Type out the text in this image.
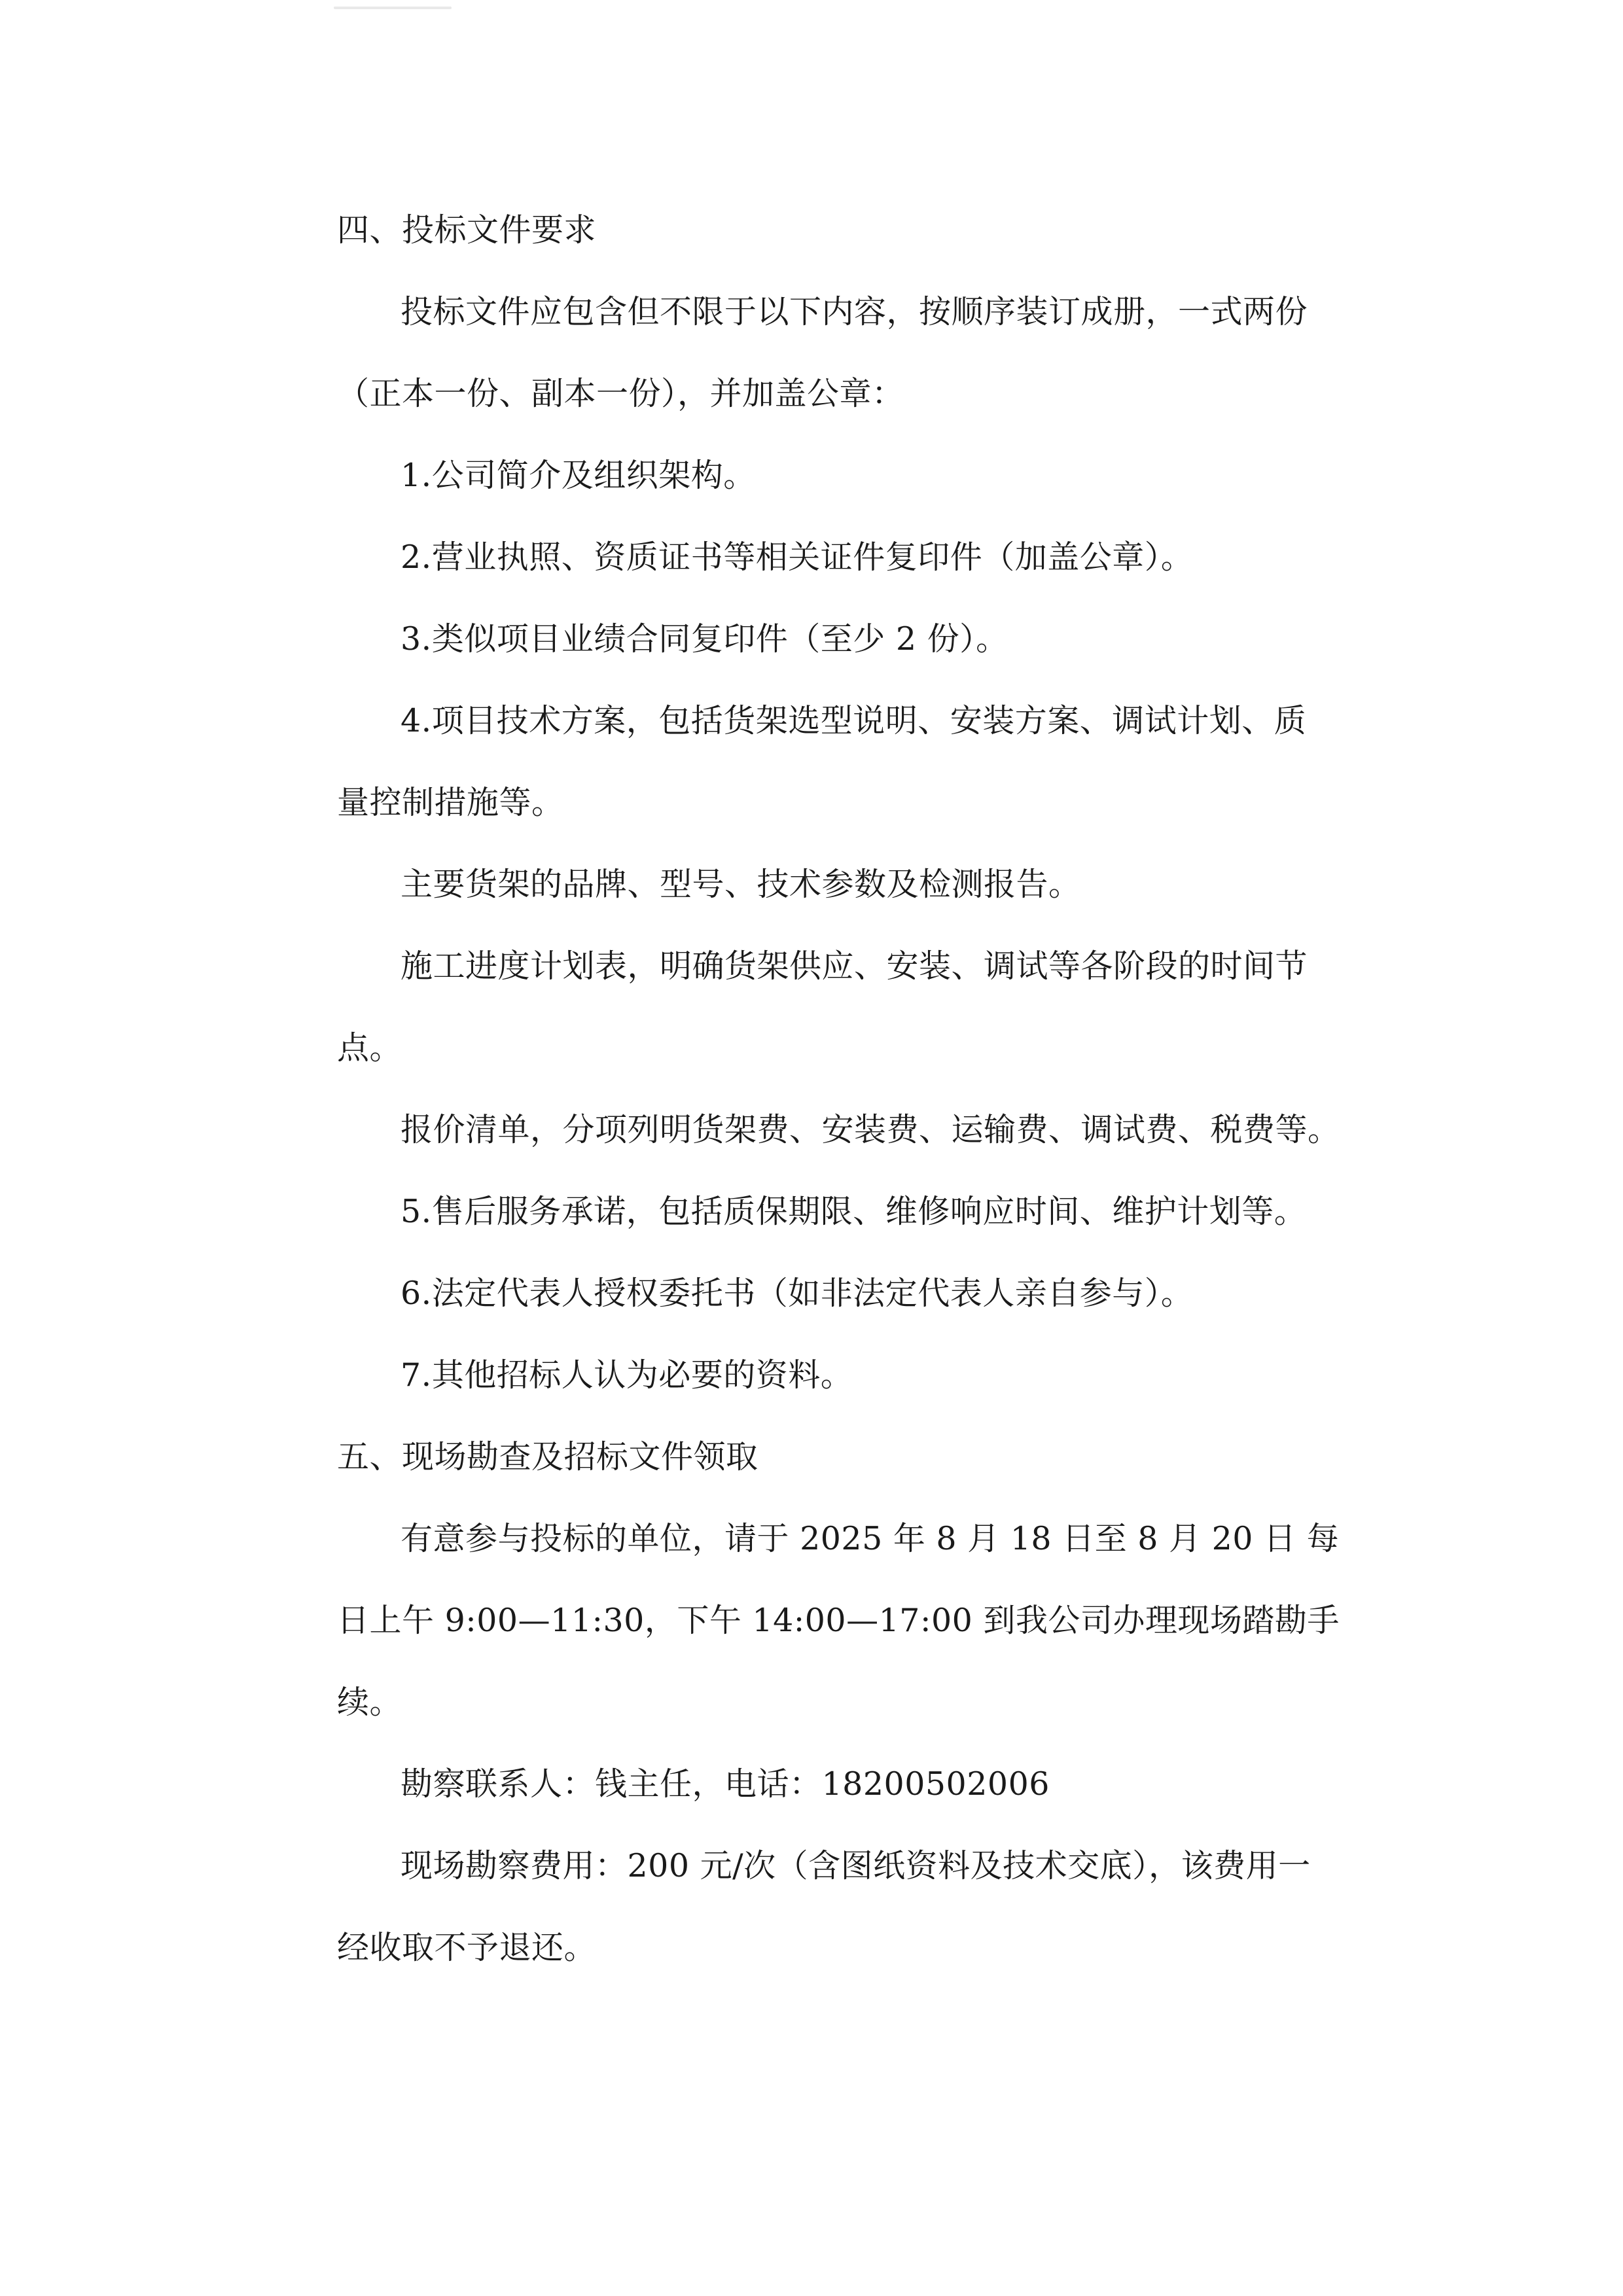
四、投标文件要求
投标文件应包含但不限于以下内容，按顺序装订成册，一式两份
（正本一份、副本一份），并加盖公章：
1.公司简介及组织架构。
2.营业执照、资质证书等相关证件复印件（加盖公章）。
3.类似项目业绩合同复印件（至少 2 份）。
4.项目技术方案，包括货架选型说明、安装方案、调试计划、质
量控制措施等。
主要货架的品牌、型号、技术参数及检测报告。
施工进度计划表，明确货架供应、安装、调试等各阶段的时间节
点。
报价清单，分项列明货架费、安装费、运输费、调试费、税费等。
5.售后服务承诺，包括质保期限、维修响应时间、维护计划等。
6.法定代表人授权委托书（如非法定代表人亲自参与）。
7.其他招标人认为必要的资料。
五、现场勘查及招标文件领取
有意参与投标的单位，请于 2025 年 8 月 18 日至 8 月 20 日 每
日上午 9:00—11:30，下午 14:00—17:00 到我公司办理现场踏勘手
续。
勘察联系人：钱主任，电话：18200502006
现场勘察费用：200 元/次（含图纸资料及技术交底），该费用一
经收取不予退还。
